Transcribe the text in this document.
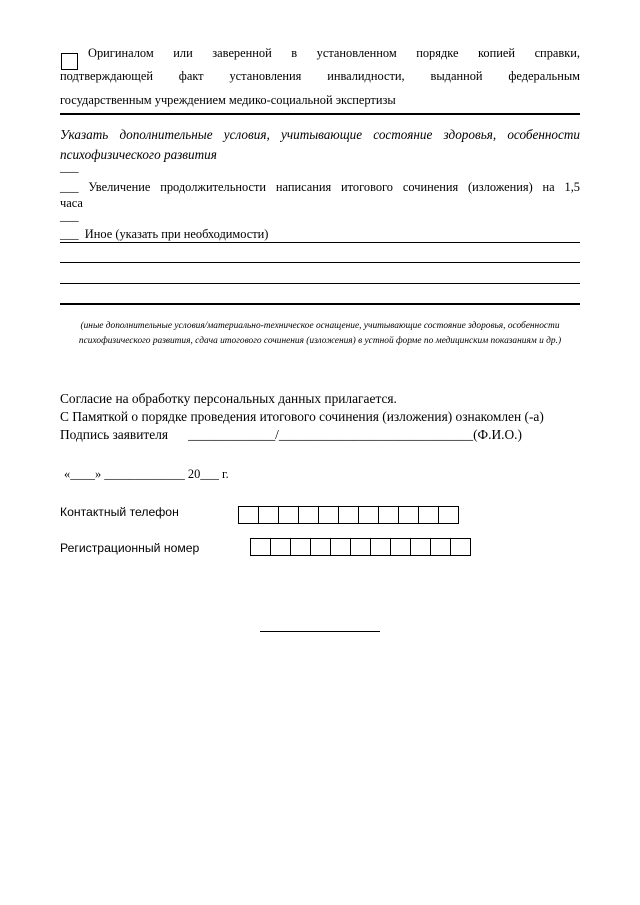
Оригиналом или заверенной в установленном порядке копией справки,
подтверждающей факт установления инвалидности, выданной федеральным
государственным учреждением медико-социальной экспертизы
Указать дополнительные условия, учитывающие состояние здоровья, особенности
психофизического развития
___
___ Увеличение продолжительности написания итогового сочинения (изложения) на 1,5
часа
___
___ Иное (указать при необходимости)
(иные дополнительные условия/материально-техническое оснащение, учитывающие состояние здоровья, особенности психофизического развития, сдача итогового сочинения (изложения) в устной форме по медицинским показаниям и др.)
Согласие на обработку персональных данных прилагается.
С Памяткой о порядке проведения итогового сочинения (изложения) ознакомлен (-а)
Подпись заявителя _____________/_____________________________(Ф.И.О.)
«____» _____________ 20___ г.
Контактный телефон
Регистрационный номер
